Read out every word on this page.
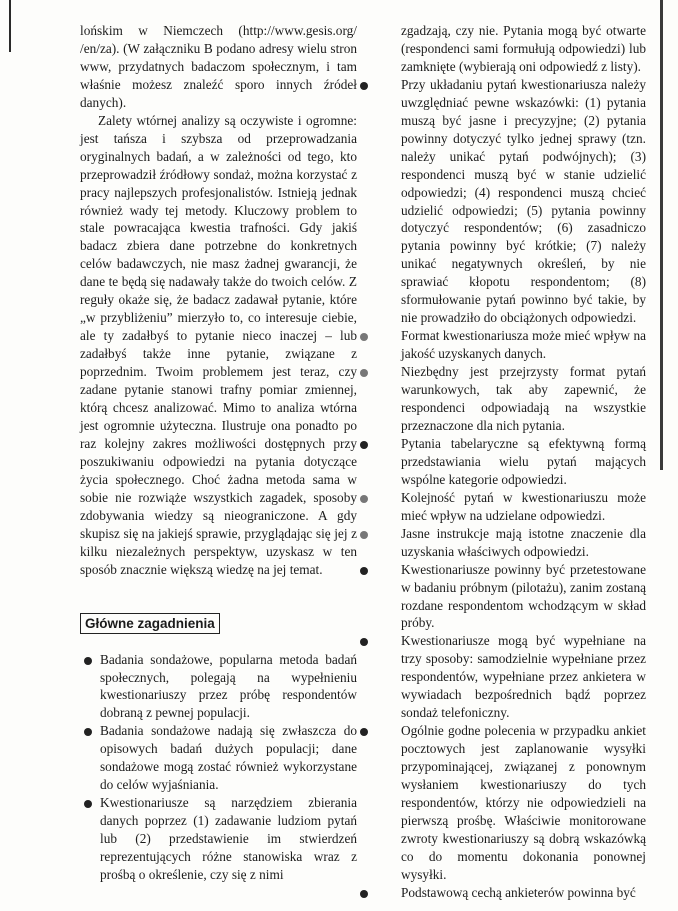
lońskim w Niemczech (http://www.gesis.org/ /en/za). (W załączniku B podano adresy wielu stron www, przydatnych badaczom społecznym, i tam właśnie możesz znaleźć sporo innych źródeł danych).

Zalety wtórnej analizy są oczywiste i ogromne: jest tańsza i szybsza od przeprowadzania oryginalnych badań, a w zależności od tego, kto przeprowadził źródłowy sondaż, można korzystać z pracy najlepszych profesjonalistów. Istnieją jednak również wady tej metody. Kluczowy problem to stale powracająca kwestia trafności. Gdy jakiś badacz zbiera dane potrzebne do konkretnych celów badawczych, nie masz żadnej gwarancji, że dane te będą się nadawały także do twoich celów. Z reguły okaże się, że badacz zadawał pytanie, które „w przybliżeniu” mierzyło to, co interesuje ciebie, ale ty zadałbyś to pytanie nieco inaczej – lub zadałbyś także inne pytanie, związane z poprzednim. Twoim problemem jest teraz, czy zadane pytanie stanowi trafny pomiar zmiennej, którą chcesz analizować. Mimo to analiza wtórna jest ogromnie użyteczna. Ilustruje ona ponadto po raz kolejny zakres możliwości dostępnych przy poszukiwaniu odpowiedzi na pytania dotyczące życia społecznego. Choć żadna metoda sama w sobie nie rozwiąże wszystkich zagadek, sposoby zdobywania wiedzy są nieograniczone. A gdy skupisz się na jakiejś sprawie, przyglądając się jej z kilku niezależnych perspektyw, uzyskasz w ten sposób znacznie większą wiedzę na jej temat.

Główne zagadnienia
Badania sondażowe, popularna metoda badań społecznych, polegają na wypełnieniu kwestionariuszy przez próbę respondentów dobraną z pewnej populacji.
Badania sondażowe nadają się zwłaszcza do opisowych badań dużych populacji; dane sondażowe mogą zostać również wykorzystane do celów wyjaśniania.
Kwestionariusze są narzędziem zbierania danych poprzez (1) zadawanie ludziom pytań lub (2) przedstawienie im stwierdzeń reprezentujących różne stanowiska wraz z prośbą o określenie, czy się z nimi

zgadzają, czy nie. Pytania mogą być otwarte (respondenci sami formułują odpowiedzi) lub zamknięte (wybierają oni odpowiedź z listy).

Przy układaniu pytań kwestionariusza należy uwzględniać pewne wskazówki: (1) pytania muszą być jasne i precyzyjne; (2) pytania powinny dotyczyć tylko jednej sprawy (tzn. należy unikać pytań podwójnych); (3) respondenci muszą być w stanie udzielić odpowiedzi; (4) respondenci muszą chcieć udzielić odpowiedzi; (5) pytania powinny dotyczyć respondentów; (6) zasadniczo pytania powinny być krótkie; (7) należy unikać negatywnych określeń, by nie sprawiać kłopotu respondentom; (8) sformułowanie pytań powinno być takie, by nie prowadziło do obciążonych odpowiedzi.
Format kwestionariusza może mieć wpływ na jakość uzyskanych danych.
Niezbędny jest przejrzysty format pytań warunkowych, tak aby zapewnić, że respondenci odpowiadają na wszystkie przeznaczone dla nich pytania.
Pytania tabelaryczne są efektywną formą przedstawiania wielu pytań mających wspólne kategorie odpowiedzi.
Kolejność pytań w kwestionariuszu może mieć wpływ na udzielane odpowiedzi.
Jasne instrukcje mają istotne znaczenie dla uzyskania właściwych odpowiedzi.
Kwestionariusze powinny być przetestowane w badaniu próbnym (pilotażu), zanim zostaną rozdane respondentom wchodzącym w skład próby.
Kwestionariusze mogą być wypełniane na trzy sposoby: samodzielnie wypełniane przez respondentów, wypełniane przez ankietera w wywiadach bezpośrednich bądź poprzez sondaż telefoniczny.
Ogólnie godne polecenia w przypadku ankiet pocztowych jest zaplanowanie wysyłki przypominającej, związanej z ponownym wysłaniem kwestionariuszy do tych respondentów, którzy nie odpowiedzieli na pierwszą prośbę. Właściwie monitorowane zwroty kwestionariuszy są dobrą wskazówką co do momentu dokonania ponownej wysyłki.
Podstawową cechą ankieterów powinna być
